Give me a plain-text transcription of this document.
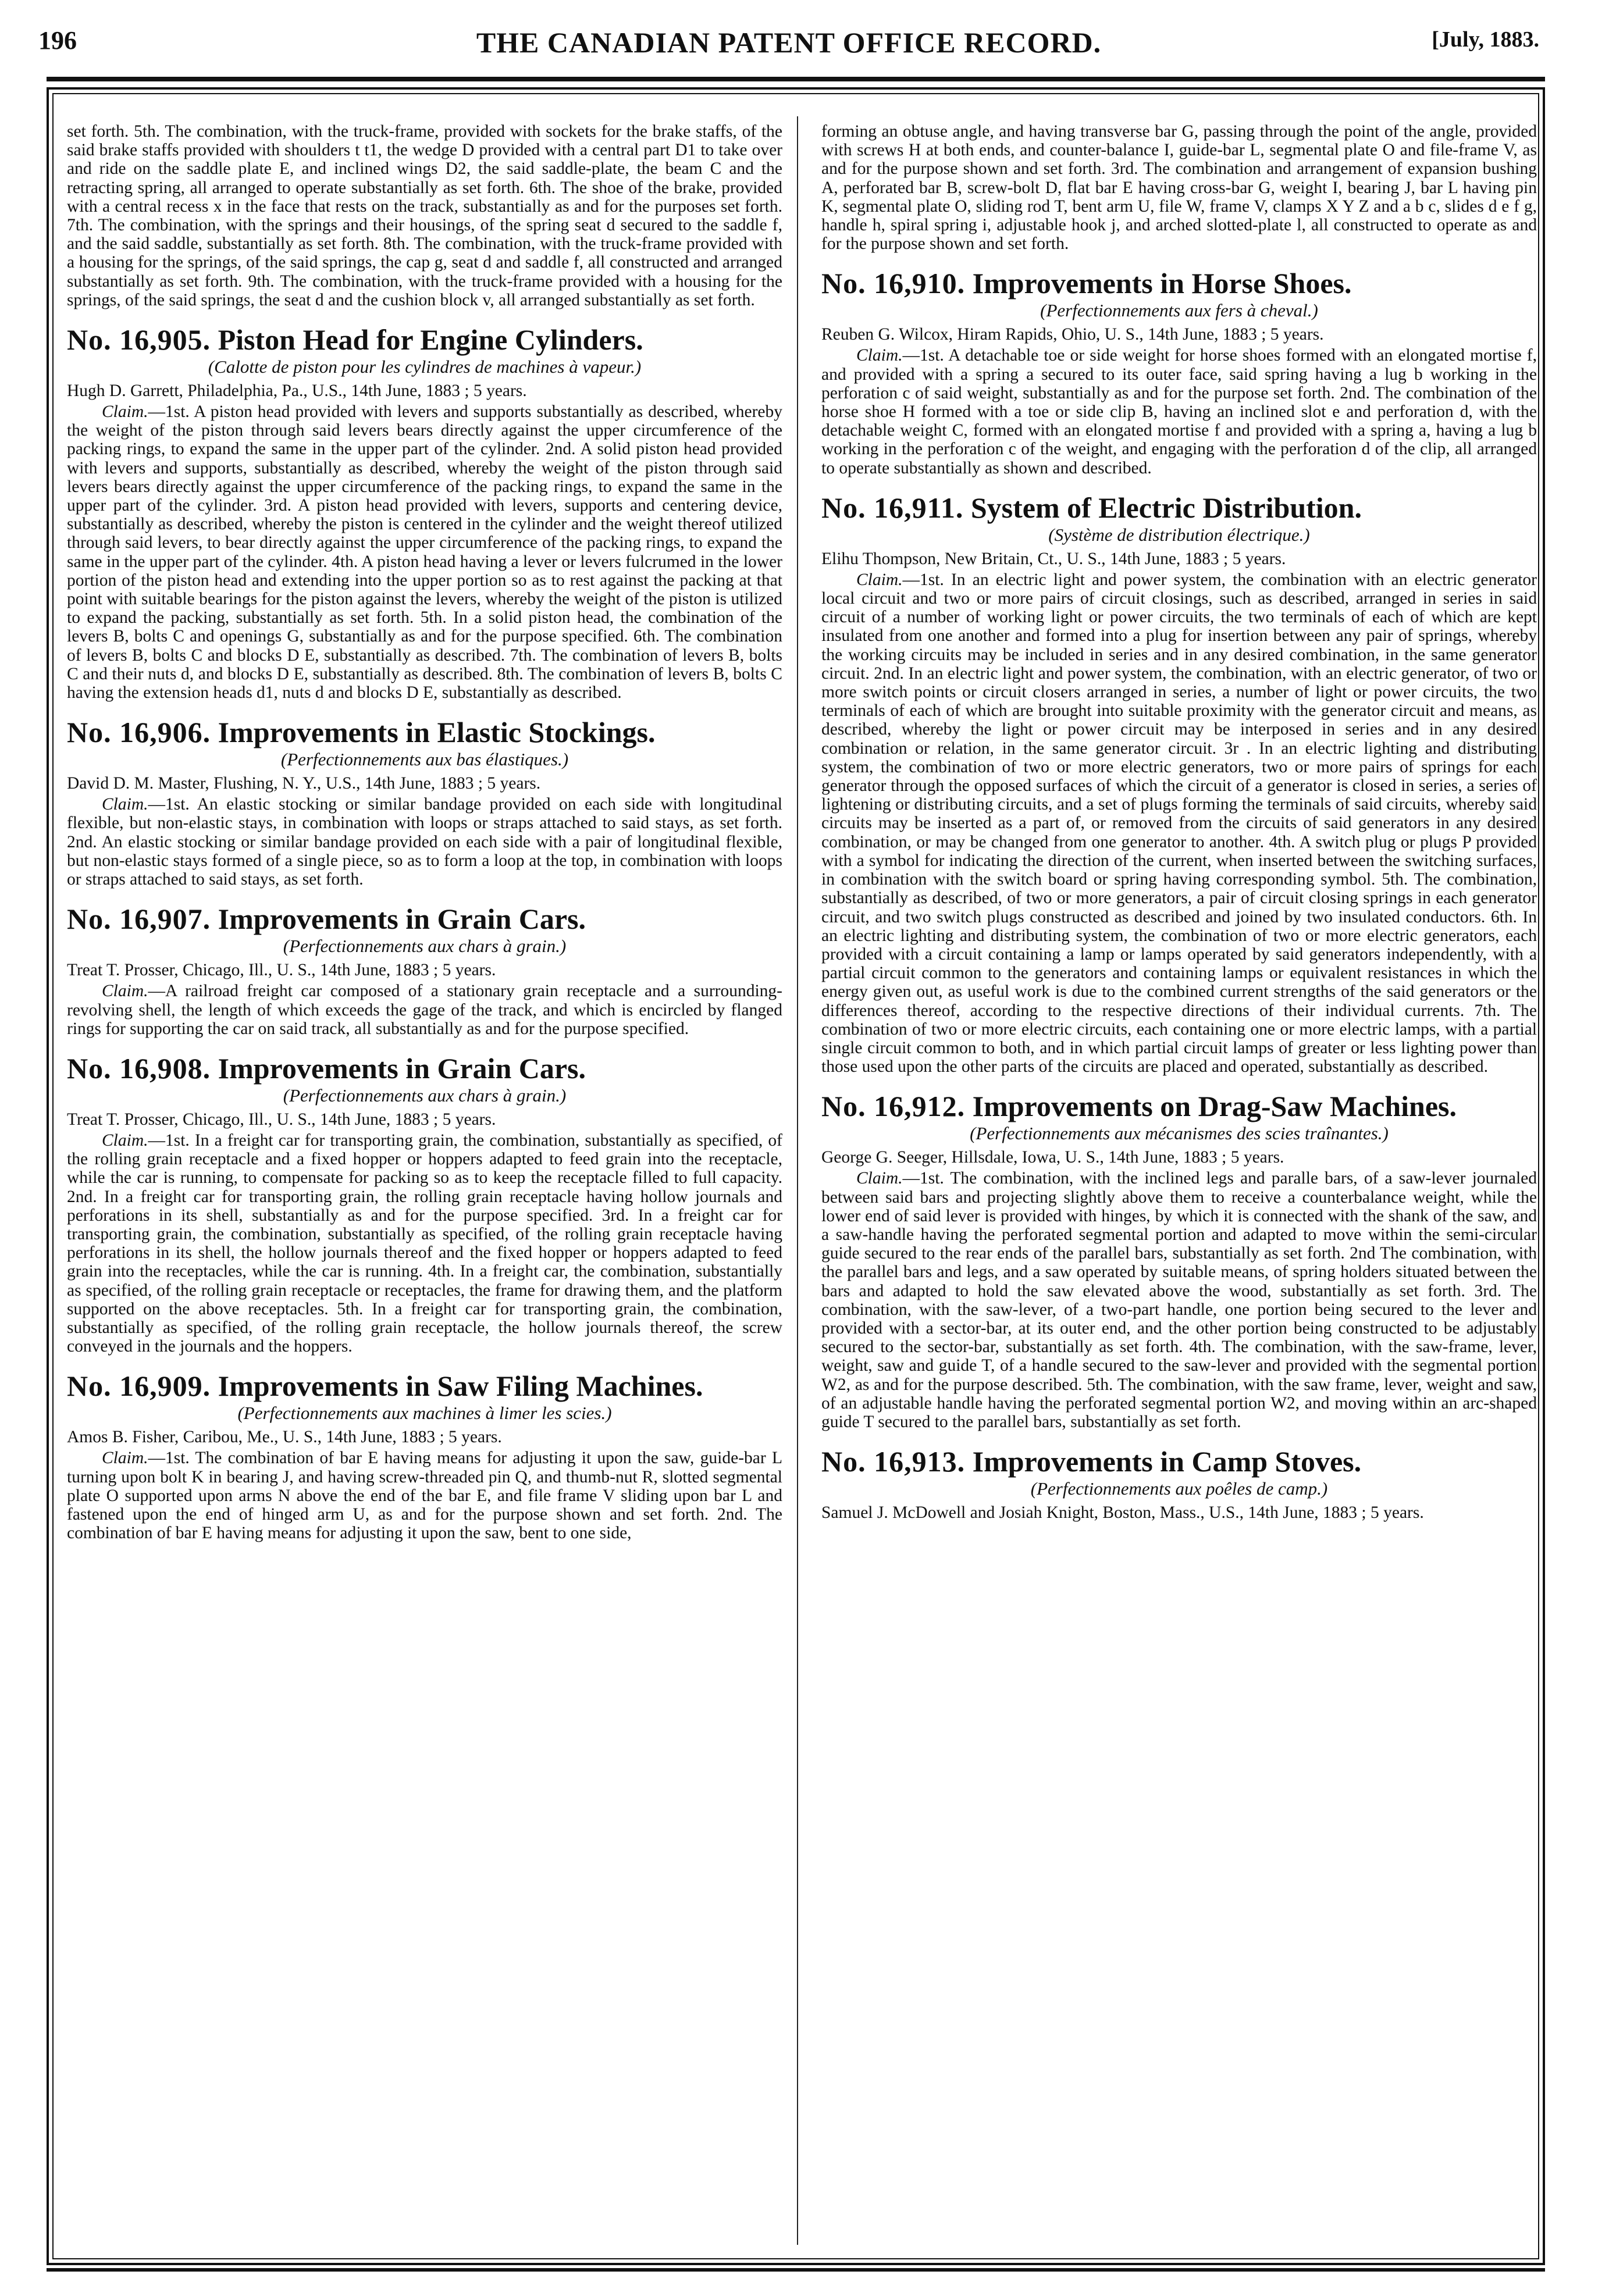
196	THE CANADIAN PATENT OFFICE RECORD.	[July, 1883.

set forth. 5th. The combination, with the truck-frame, provided with sockets for the brake staffs, of the said brake staffs provided with shoulders t t1, the wedge D provided with a central part D1 to take over and ride on the saddle plate E, and inclined wings D2, the said saddle-plate, the beam C and the retracting spring, all arranged to operate substantially as set forth. 6th. The shoe of the brake, provided with a central recess x in the face that rests on the track, substantially as and for the purposes set forth. 7th. The combination, with the springs and their housings, of the spring seat d secured to the saddle f, and the said saddle, substantially as set forth. 8th. The combination, with the truck-frame provided with a housing for the springs, of the said springs, the cap g, seat d and saddle f, all constructed and arranged substantially as set forth. 9th. The combination, with the truck-frame provided with a housing for the springs, of the said springs, the seat d and the cushion block v, all arranged substantially as set forth.

No. 16,905. Piston Head for Engine Cylinders.
(Calotte de piston pour les cylindres de machines à vapeur.)
Hugh D. Garrett, Philadelphia, Pa., U.S., 14th June, 1883 ; 5 years.

Claim.—1st. A piston head provided with levers and supports substantially as described, whereby the weight of the piston through said levers bears directly against the upper circumference of the packing rings, to expand the same in the upper part of the cylinder. 2nd. A solid piston head provided with levers and supports, substantially as described, whereby the weight of the piston through said levers bears directly against the upper circumference of the packing rings, to expand the same in the upper part of the cylinder. 3rd. A piston head provided with levers, supports and centering device, substantially as described, whereby the piston is centered in the cylinder and the weight thereof utilized through said levers, to bear directly against the upper circumference of the packing rings, to expand the same in the upper part of the cylinder. 4th. A piston head having a lever or levers fulcrumed in the lower portion of the piston head and extending into the upper portion so as to rest against the packing at that point with suitable bearings for the piston against the levers, whereby the weight of the piston is utilized to expand the packing, substantially as set forth. 5th. In a solid piston head, the combination of the levers B, bolts C and openings G, substantially as and for the purpose specified. 6th. The combination of levers B, bolts C and blocks D E, substantially as described. 7th. The combination of levers B, bolts C and their nuts d, and blocks D E, substantially as described. 8th. The combination of levers B, bolts C having the extension heads d1, nuts d and blocks D E, substantially as described.

No. 16,906. Improvements in Elastic Stockings.
(Perfectionnements aux bas élastiques.)
David D. M. Master, Flushing, N. Y., U.S., 14th June, 1883 ; 5 years.

Claim.—1st. An elastic stocking or similar bandage provided on each side with longitudinal flexible, but non-elastic stays, in combination with loops or straps attached to said stays, as set forth. 2nd. An elastic stocking or similar bandage provided on each side with a pair of longitudinal flexible, but non-elastic stays formed of a single piece, so as to form a loop at the top, in combination with loops or straps attached to said stays, as set forth.

No. 16,907. Improvements in Grain Cars.
(Perfectionnements aux chars à grain.)
Treat T. Prosser, Chicago, Ill., U. S., 14th June, 1883 ; 5 years.

Claim.—A railroad freight car composed of a stationary grain receptacle and a surrounding-revolving shell, the length of which exceeds the gage of the track, and which is encircled by flanged rings for supporting the car on said track, all substantially as and for the purpose specified.

No. 16,908. Improvements in Grain Cars.
(Perfectionnements aux chars à grain.)
Treat T. Prosser, Chicago, Ill., U. S., 14th June, 1883 ; 5 years.

Claim.—1st. In a freight car for transporting grain, the combination, substantially as specified, of the rolling grain receptacle and a fixed hopper or hoppers adapted to feed grain into the receptacle, while the car is running, to compensate for packing so as to keep the receptacle filled to full capacity. 2nd. In a freight car for transporting grain, the rolling grain receptacle having hollow journals and perforations in its shell, substantially as and for the purpose specified. 3rd. In a freight car for transporting grain, the combination, substantially as specified, of the rolling grain receptacle having perforations in its shell, the hollow journals thereof and the fixed hopper or hoppers adapted to feed grain into the receptacles, while the car is running. 4th. In a freight car, the combination, substantially as specified, of the rolling grain receptacle or receptacles, the frame for drawing them, and the platform supported on the above receptacles. 5th. In a freight car for transporting grain, the combination, substantially as specified, of the rolling grain receptacle, the hollow journals thereof, the screw conveyed in the journals and the hoppers.

No. 16,909. Improvements in Saw Filing Machines.
(Perfectionnements aux machines à limer les scies.)
Amos B. Fisher, Caribou, Me., U. S., 14th June, 1883 ; 5 years.

Claim.—1st. The combination of bar E having means for adjusting it upon the saw, guide-bar L turning upon bolt K in bearing J, and having screw-threaded pin Q, and thumb-nut R, slotted segmental plate O supported upon arms N above the end of the bar E, and file frame V sliding upon bar L and fastened upon the end of hinged arm U, as and for the purpose shown and set forth. 2nd. The combination of bar E having means for adjusting it upon the saw, bent to one side,

forming an obtuse angle, and having transverse bar G, passing through the point of the angle, provided with screws H at both ends, and counter-balance I, guide-bar L, segmental plate O and file-frame V, as and for the purpose shown and set forth. 3rd. The combination and arrangement of expansion bushing A, perforated bar B, screw-bolt D, flat bar E having cross-bar G, weight I, bearing J, bar L having pin K, segmental plate O, sliding rod T, bent arm U, file W, frame V, clamps X Y Z and a b c, slides d e f g, handle h, spiral spring i, adjustable hook j, and arched slotted-plate l, all constructed to operate as and for the purpose shown and set forth.

No. 16,910. Improvements in Horse Shoes.
(Perfectionnements aux fers à cheval.)
Reuben G. Wilcox, Hiram Rapids, Ohio, U. S., 14th June, 1883 ; 5 years.

Claim.—1st. A detachable toe or side weight for horse shoes formed with an elongated mortise f, and provided with a spring a secured to its outer face, said spring having a lug b working in the perforation c of said weight, substantially as and for the purpose set forth. 2nd. The combination of the horse shoe H formed with a toe or side clip B, having an inclined slot e and perforation d, with the detachable weight C, formed with an elongated mortise f and provided with a spring a, having a lug b working in the perforation c of the weight, and engaging with the perforation d of the clip, all arranged to operate substantially as shown and described.

No. 16,911. System of Electric Distribution.
(Système de distribution électrique.)
Elihu Thompson, New Britain, Ct., U. S., 14th June, 1883 ; 5 years.

Claim.—1st. In an electric light and power system, the combination with an electric generator local circuit and two or more pairs of circuit closings, such as described, arranged in series in said circuit of a number of working light or power circuits, the two terminals of each of which are kept insulated from one another and formed into a plug for insertion between any pair of springs, whereby the working circuits may be included in series and in any desired combination, in the same generator circuit. 2nd. In an electric light and power system, the combination, with an electric generator, of two or more switch points or circuit closers arranged in series, a number of light or power circuits, the two terminals of each of which are brought into suitable proximity with the generator circuit and means, as described, whereby the light or power circuit may be interposed in series and in any desired combination or relation, in the same generator circuit. 3r . In an electric lighting and distributing system, the combination of two or more electric generators, two or more pairs of springs for each generator through the opposed surfaces of which the circuit of a generator is closed in series, a series of lightening or distributing circuits, and a set of plugs forming the terminals of said circuits, whereby said circuits may be inserted as a part of, or removed from the circuits of said generators in any desired combination, or may be changed from one generator to another. 4th. A switch plug or plugs P provided with a symbol for indicating the direction of the current, when inserted between the switching surfaces, in combination with the switch board or spring having corresponding symbol. 5th. The combination, substantially as described, of two or more generators, a pair of circuit closing springs in each generator circuit, and two switch plugs constructed as described and joined by two insulated conductors. 6th. In an electric lighting and distributing system, the combination of two or more electric generators, each provided with a circuit containing a lamp or lamps operated by said generators independently, with a partial circuit common to the generators and containing lamps or equivalent resistances in which the energy given out, as useful work is due to the combined current strengths of the said generators or the differences thereof, according to the respective directions of their individual currents. 7th. The combination of two or more electric circuits, each containing one or more electric lamps, with a partial single circuit common to both, and in which partial circuit lamps of greater or less lighting power than those used upon the other parts of the circuits are placed and operated, substantially as described.

No. 16,912. Improvements on Drag-Saw Machines.
(Perfectionnements aux mécanismes des scies traînantes.)
George G. Seeger, Hillsdale, Iowa, U. S., 14th June, 1883 ; 5 years.

Claim.—1st. The combination, with the inclined legs and paralle bars, of a saw-lever journaled between said bars and projecting slightly above them to receive a counterbalance weight, while the lower end of said lever is provided with hinges, by which it is connected with the shank of the saw, and a saw-handle having the perforated segmental portion and adapted to move within the semi-circular guide secured to the rear ends of the parallel bars, substantially as set forth. 2nd The combination, with the parallel bars and legs, and a saw operated by suitable means, of spring holders situated between the bars and adapted to hold the saw elevated above the wood, substantially as set forth. 3rd. The combination, with the saw-lever, of a two-part handle, one portion being secured to the lever and provided with a sector-bar, at its outer end, and the other portion being constructed to be adjustably secured to the sector-bar, substantially as set forth. 4th. The combination, with the saw-frame, lever, weight, saw and guide T, of a handle secured to the saw-lever and provided with the segmental portion W2, as and for the purpose described. 5th. The combination, with the saw frame, lever, weight and saw, of an adjustable handle having the perforated segmental portion W2, and moving within an arc-shaped guide T secured to the parallel bars, substantially as set forth.

No. 16,913. Improvements in Camp Stoves.
(Perfectionnements aux poêles de camp.)
Samuel J. McDowell and Josiah Knight, Boston, Mass., U.S., 14th June, 1883 ; 5 years.
